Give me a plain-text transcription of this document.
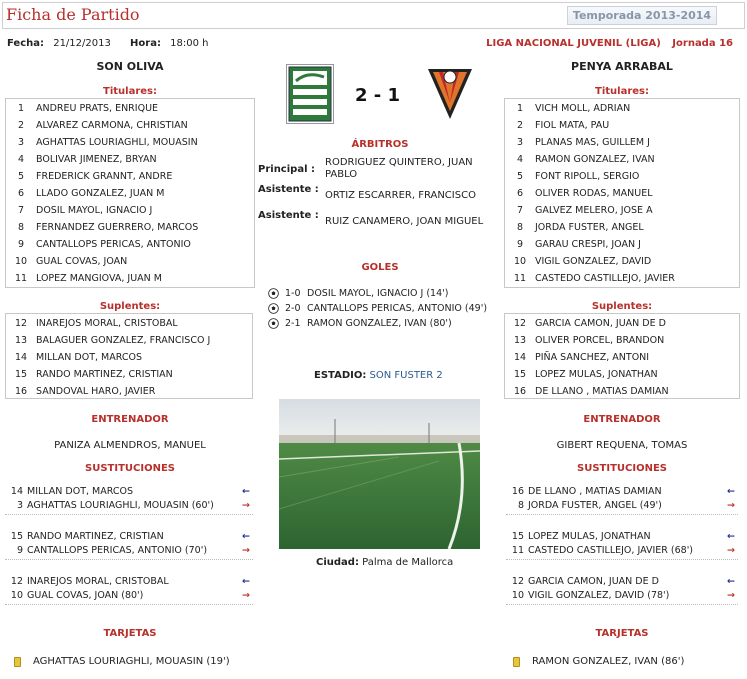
Ficha de Partido	Temporada 2013-2014
Fecha: 21/12/2013 Hora: 18:00 h	LIGA NACIONAL JUVENIL (LIGA) Jornada 16
SON OLIVA	PENYA ARRABAL
2 - 1
Titulares:
1	ANDREU PRATS, ENRIQUE
2	ALVAREZ CARMONA, CHRISTIAN
3	AGHATTAS LOURIAGHLI, MOUASIN
4	BOLIVAR JIMENEZ, BRYAN
5	FREDERICK GRANNT, ANDRE
6	LLADO GONZALEZ, JUAN M
7	DOSIL MAYOL, IGNACIO J
8	FERNANDEZ GUERRERO, MARCOS
9	CANTALLOPS PERICAS, ANTONIO
10 GUAL COVAS, JOAN
11 LOPEZ MANGIOVA, JUAN M
Titulares:
1	VICH MOLL, ADRIAN
2	FIOL MATA, PAU
3	PLANAS MAS, GUILLEM J
4	RAMON GONZALEZ, IVAN
5	FONT RIPOLL, SERGIO
6	OLIVER RODAS, MANUEL
7	GALVEZ MELERO, JOSE A
8	JORDA FUSTER, ANGEL
9	GARAU CRESPI, JOAN J
10 VIGIL GONZALEZ, DAVID
11 CASTEDO CASTILLEJO, JAVIER
ÁRBITROS
Principal :
RODRIGUEZ QUINTERO, JUAN PABLO
Asistente :
ORTIZ ESCARRER, FRANCISCO
Asistente :
RUIZ CANAMERO, JOAN MIGUEL
GOLES
1-0 DOSIL MAYOL, IGNACIO J (14')
2-0 CANTALLOPS PERICAS, ANTONIO (49')
2-1 RAMON GONZALEZ, IVAN (80')
Suplentes:
12 INAREJOS MORAL, CRISTOBAL
13 BALAGUER GONZALEZ, FRANCISCO J
14 MILLAN DOT, MARCOS
15 RANDO MARTINEZ, CRISTIAN
16 SANDOVAL HARO, JAVIER
Suplentes:
12 GARCIA CAMON, JUAN DE D
13 OLIVER PORCEL, BRANDON
14 PIÑA SANCHEZ, ANTONI
15 LOPEZ MULAS, JONATHAN
16 DE LLANO , MATIAS DAMIAN
ESTADIO: SON FUSTER 2
Ciudad: Palma de Mallorca
ENTRENADOR
PANIZA ALMENDROS, MANUEL
ENTRENADOR
GIBERT REQUENA, TOMAS
SUSTITUCIONES
14 MILLAN DOT, MARCOS	←
3 AGHATTAS LOURIAGHLI, MOUASIN (60')	→
15 RANDO MARTINEZ, CRISTIAN	←
9 CANTALLOPS PERICAS, ANTONIO (70')	→
12 INAREJOS MORAL, CRISTOBAL	←
10 GUAL COVAS, JOAN (80')	→
SUSTITUCIONES
16 DE LLANO , MATIAS DAMIAN	←
8 JORDA FUSTER, ANGEL (49')	→
15 LOPEZ MULAS, JONATHAN	←
11 CASTEDO CASTILLEJO, JAVIER (68')	→
12 GARCIA CAMON, JUAN DE D	←
10 VIGIL GONZALEZ, DAVID (78')	→
TARJETAS
AGHATTAS LOURIAGHLI, MOUASIN (19')
TARJETAS
RAMON GONZALEZ, IVAN (86')
